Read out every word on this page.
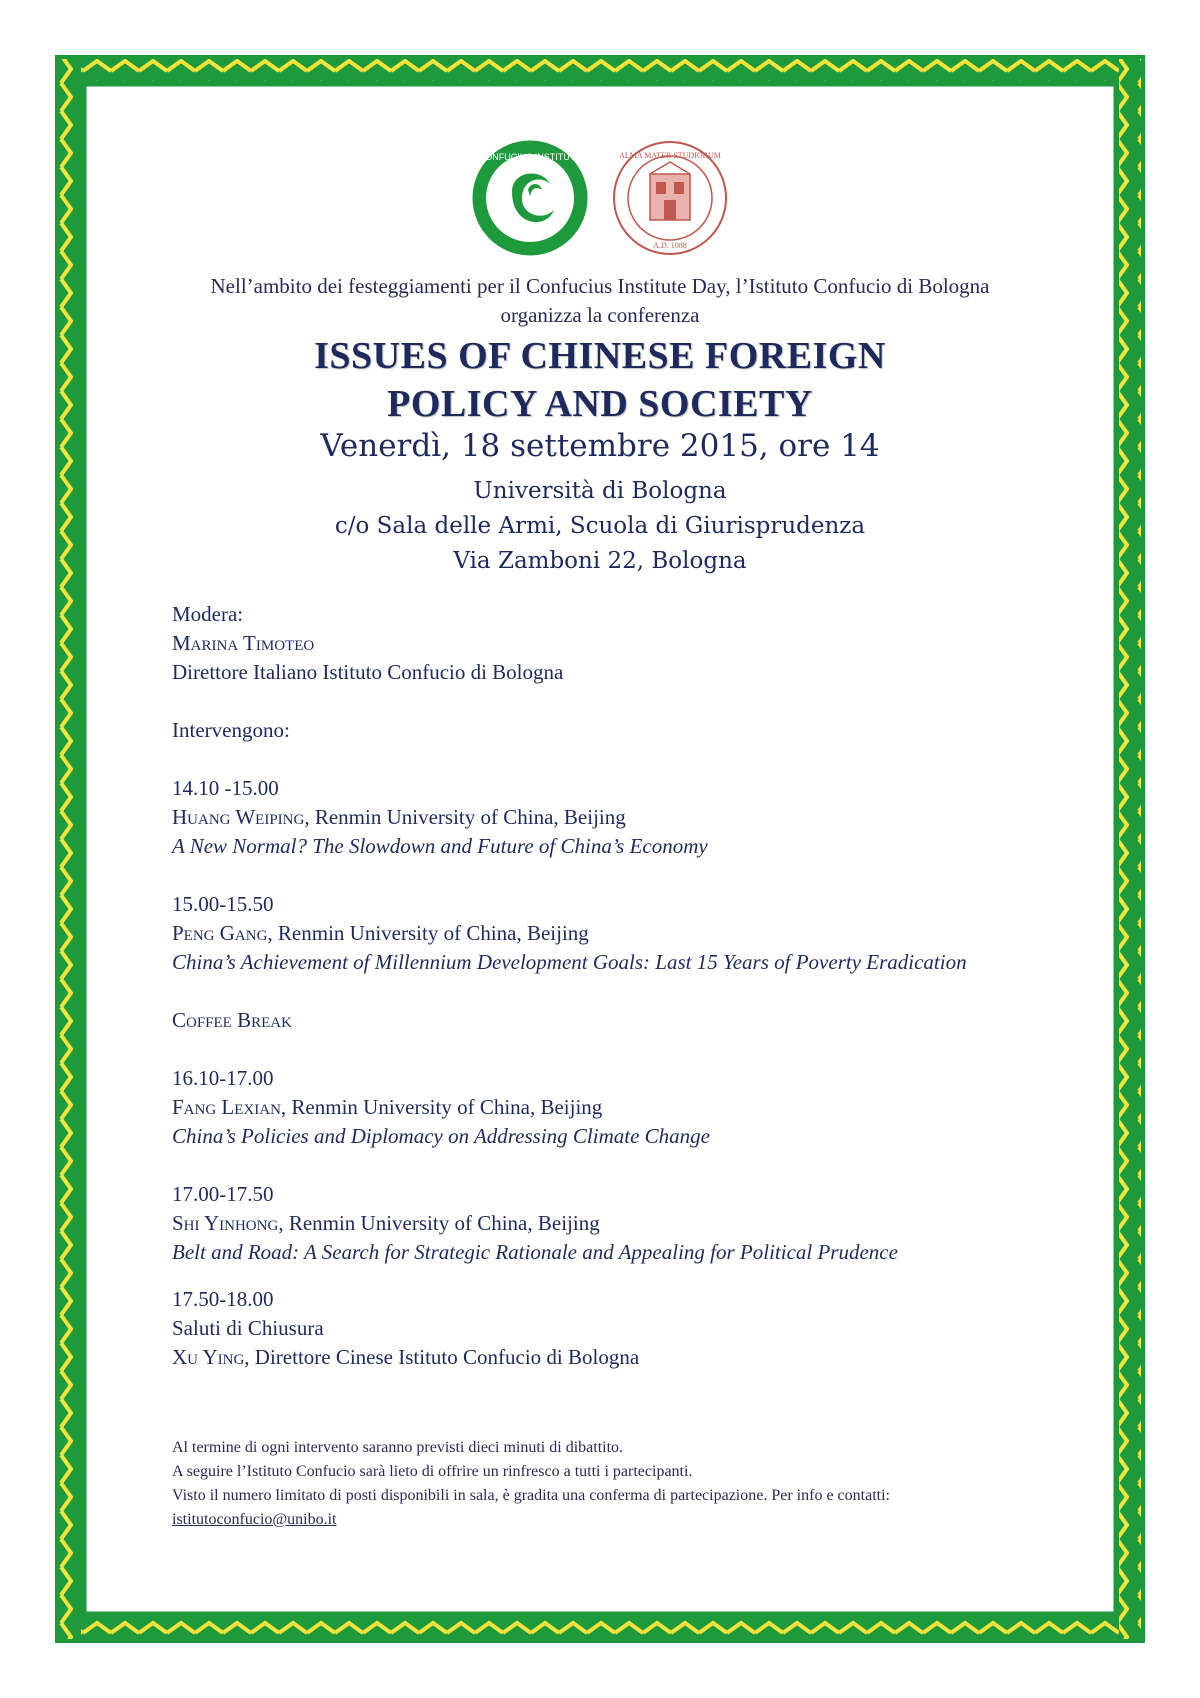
CONFUCIUS INSTITUTE	ALMA MATER STUDIORUM
A.D. 1088
Nell’ambito dei festeggiamenti per il Confucius Institute Day, l’Istituto Confucio di Bologna
organizza la conferenza
ISSUES OF CHINESE FOREIGN
POLICY AND SOCIETY
Venerdì, 18 settembre 2015, ore 14
Università di Bologna
c/o Sala delle Armi, Scuola di Giurisprudenza
Via Zamboni 22, Bologna
Modera:
Marina Timoteo
Direttore Italiano Istituto Confucio di Bologna
Intervengono:
14.10 -15.00
Huang Weiping, Renmin University of China, Beijing
A New Normal? The Slowdown and Future of China’s Economy
15.00-15.50
Peng Gang, Renmin University of China, Beijing
China’s Achievement of Millennium Development Goals: Last 15 Years of Poverty Eradication
Coffee Break
16.10-17.00
Fang Lexian, Renmin University of China, Beijing
China’s Policies and Diplomacy on Addressing Climate Change
17.00-17.50
Shi Yinhong, Renmin University of China, Beijing
Belt and Road: A Search for Strategic Rationale and Appealing for Political Prudence
17.50-18.00
Saluti di Chiusura
Xu Ying, Direttore Cinese Istituto Confucio di Bologna
Al termine di ogni intervento saranno previsti dieci minuti di dibattito.
A seguire l’Istituto Confucio sarà lieto di offrire un rinfresco a tutti i partecipanti.
Visto il numero limitato di posti disponibili in sala, è gradita una conferma di partecipazione. Per info e contatti:
istitutoconfucio@unibo.it
